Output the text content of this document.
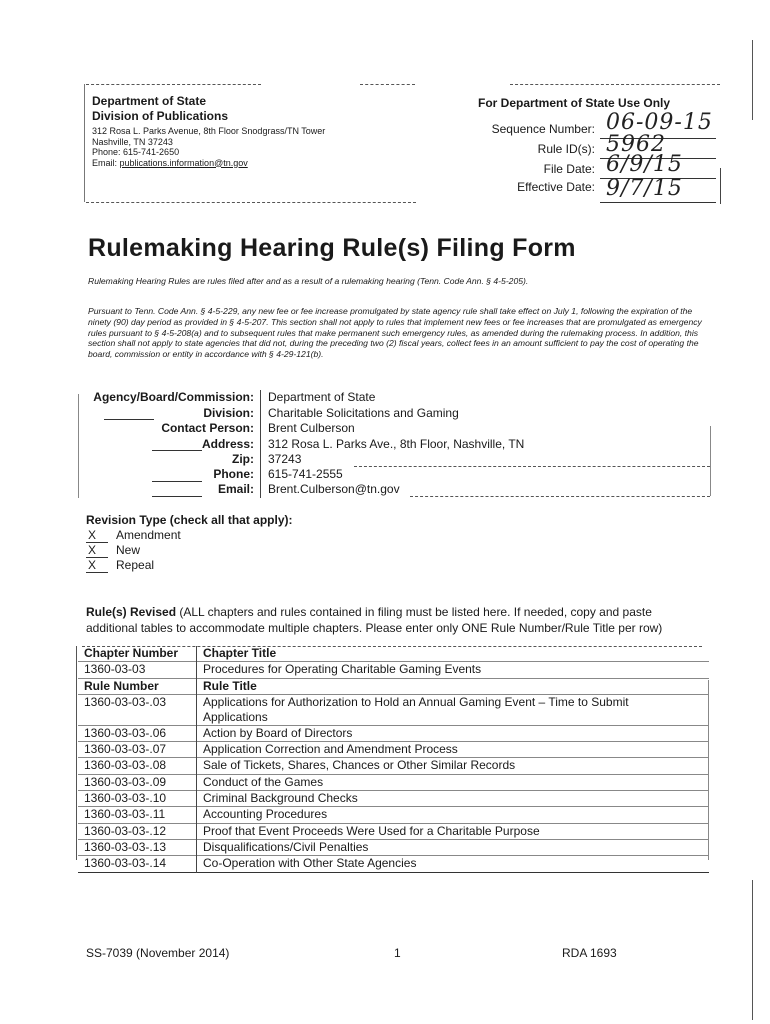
Department of State
Division of Publications
312 Rosa L. Parks Avenue, 8th Floor Snodgrass/TN Tower
Nashville, TN 37243
Phone: 615-741-2650
Email: publications.information@tn.gov
For Department of State Use Only
Sequence Number: 06-09-15
Rule ID(s): 5962
File Date: 6/9/15
Effective Date: 9/7/15
Rulemaking Hearing Rule(s) Filing Form
Rulemaking Hearing Rules are rules filed after and as a result of a rulemaking hearing (Tenn. Code Ann. § 4-5-205).
Pursuant to Tenn. Code Ann. § 4-5-229, any new fee or fee increase promulgated by state agency rule shall take effect on July 1, following the expiration of the ninety (90) day period as provided in § 4-5-207. This section shall not apply to rules that implement new fees or fee increases that are promulgated as emergency rules pursuant to § 4-5-208(a) and to subsequent rules that make permanent such emergency rules, as amended during the rulemaking process. In addition, this section shall not apply to state agencies that did not, during the preceding two (2) fiscal years, collect fees in an amount sufficient to pay the cost of operating the board, commission or entity in accordance with § 4-29-121(b).
Agency/Board/Commission: Department of State
Division: Charitable Solicitations and Gaming
Contact Person: Brent Culberson
Address: 312 Rosa L. Parks Ave., 8th Floor, Nashville, TN
Zip: 37243
Phone: 615-741-2555
Email: Brent.Culberson@tn.gov
Revision Type (check all that apply):
X Amendment
X New
X Repeal
Rule(s) Revised (ALL chapters and rules contained in filing must be listed here. If needed, copy and paste additional tables to accommodate multiple chapters. Please enter only ONE Rule Number/Rule Title per row)
Chapter Number	Chapter Title
1360-03-03	Procedures for Operating Charitable Gaming Events
Rule Number	Rule Title
1360-03-03-.03	Applications for Authorization to Hold an Annual Gaming Event – Time to Submit
Applications

1360-03-03-.06	Action by Board of Directors
1360-03-03-.07	Application Correction and Amendment Process
1360-03-03-.08	Sale of Tickets, Shares, Chances or Other Similar Records
1360-03-03-.09	Conduct of the Games
1360-03-03-.10	Criminal Background Checks
1360-03-03-.11	Accounting Procedures
1360-03-03-.12	Proof that Event Proceeds Were Used for a Charitable Purpose
1360-03-03-.13	Disqualifications/Civil Penalties
1360-03-03-.14	Co-Operation with Other State Agencies
SS-7039 (November 2014)	1	RDA 1693
